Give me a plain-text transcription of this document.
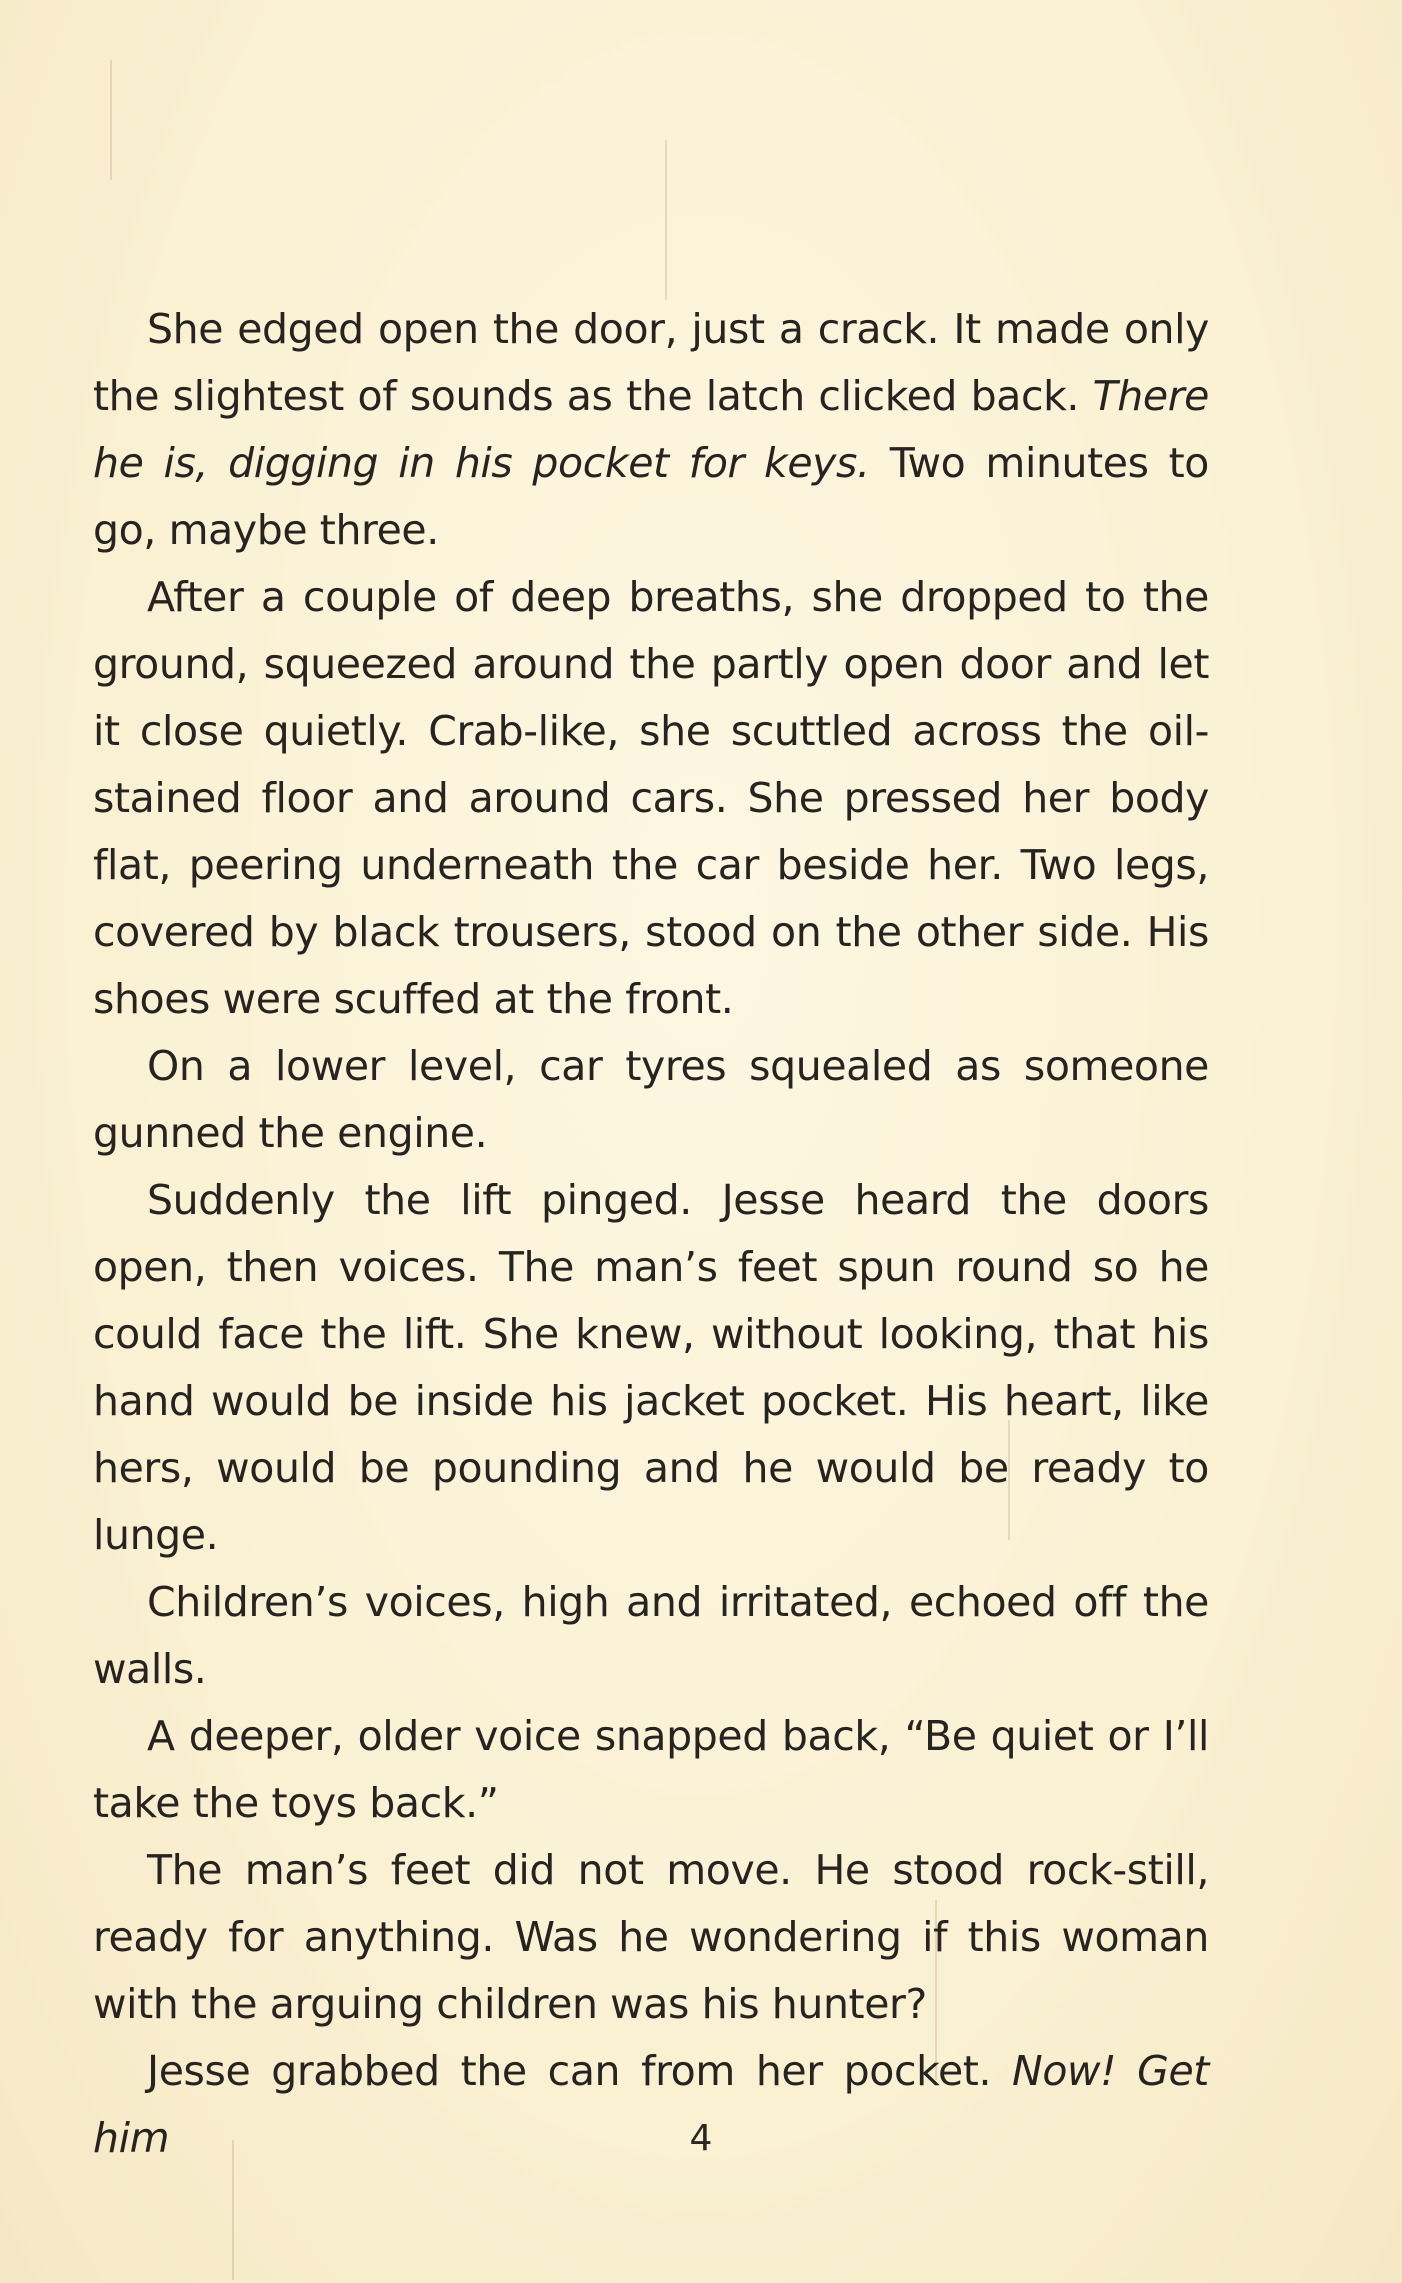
She edged open the door, just a crack. It made only the slightest of sounds as the latch clicked back. There he is, digging in his pocket for keys. Two minutes to go, maybe three.

After a couple of deep breaths, she dropped to the ground, squeezed around the partly open door and let it close quietly. Crab-like, she scuttled across the oil-stained floor and around cars. She pressed her body flat, peering underneath the car beside her. Two legs, covered by black trousers, stood on the other side. His shoes were scuffed at the front.

On a lower level, car tyres squealed as someone gunned the engine.

Suddenly the lift pinged. Jesse heard the doors open, then voices. The man’s feet spun round so he could face the lift. She knew, without looking, that his hand would be inside his jacket pocket. His heart, like hers, would be pounding and he would be ready to lunge.

Children’s voices, high and irritated, echoed off the walls.

A deeper, older voice snapped back, “Be quiet or I’ll take the toys back.”

The man’s feet did not move. He stood rock-still, ready for anything. Was he wondering if this woman with the arguing children was his hunter?

Jesse grabbed the can from her pocket. Now! Get him	4
